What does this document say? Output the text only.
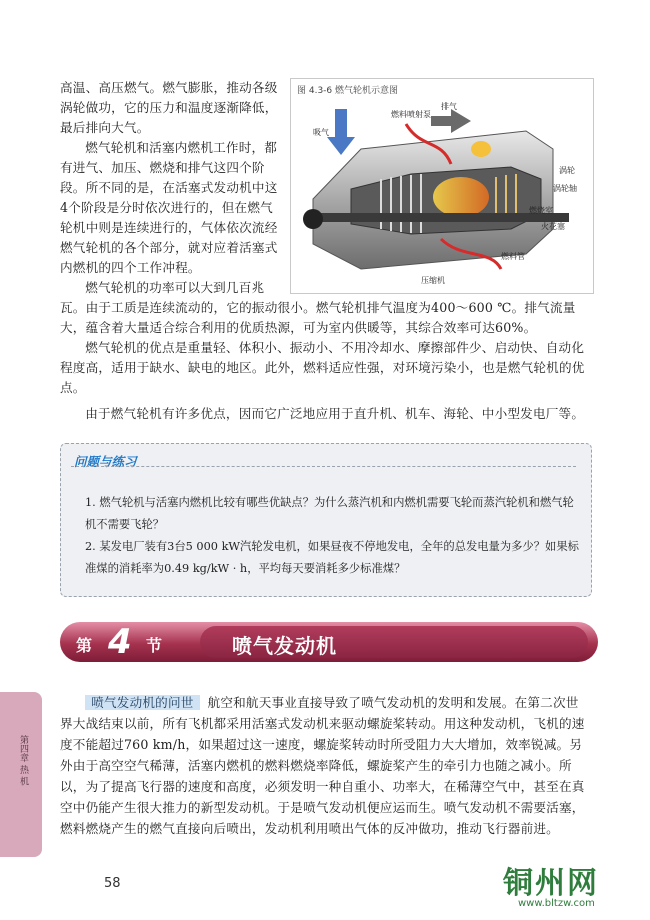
高温、高压燃气。燃气膨胀，推动各级涡轮做功，它的压力和温度逐渐降低，最后排向大气。

燃气轮机和活塞内燃机工作时，都有进气、加压、燃烧和排气这四个阶段。所不同的是，在活塞式发动机中这4个阶段是分时依次进行的，但在燃气轮机中则是连续进行的，气体依次流经燃气轮机的各个部分，就对应着活塞式内燃机的四个工作冲程。

燃气轮机的功率可以大到几百兆

吸气
燃料喷射泵
排气
涡轮
涡轮轴
燃烧室
火花塞
燃料管
压缩机
图 4.3-6 燃气轮机示意图

瓦。由于工质是连续流动的，它的振动很小。燃气轮机排气温度为400～600 ℃。排气流量大，蕴含着大量适合综合利用的优质热源，可为室内供暖等，其综合效率可达60%。

燃气轮机的优点是重量轻、体积小、振动小、不用冷却水、摩擦部件少、启动快、自动化程度高，适用于缺水、缺电的地区。此外，燃料适应性强，对环境污染小，也是燃气轮机的优点。

由于燃气轮机有许多优点，因而它广泛地应用于直升机、机车、海轮、中小型发电厂等。

问题与练习

1. 燃气轮机与活塞内燃机比较有哪些优缺点？为什么蒸汽机和内燃机需要飞轮而蒸汽轮机和燃气轮机不需要飞轮？

2. 某发电厂装有3台5 000 kW汽轮发电机，如果昼夜不停地发电，全年的总发电量为多少？如果标准煤的消耗率为0.49 kg/kW · h，平均每天要消耗多少标准煤？

第 4 节	喷气发动机
第四章 热 机

喷气发动机的问世 航空和航天事业直接导致了喷气发动机的发明和发展。在第二次世界大战结束以前，所有飞机都采用活塞式发动机来驱动螺旋桨转动。用这种发动机，飞机的速度不能超过760 km/h，如果超过这一速度，螺旋桨转动时所受阻力大大增加，效率锐减。另外由于高空空气稀薄，活塞内燃机的燃料燃烧率降低，螺旋桨产生的牵引力也随之减小。所以，为了提高飞行器的速度和高度，必须发明一种自重小、功率大，在稀薄空气中，甚至在真空中仍能产生很大推力的新型发动机。于是喷气发动机便应运而生。喷气发动机不需要活塞，燃料燃烧产生的燃气直接向后喷出，发动机利用喷出气体的反冲做功，推动飞行器前进。

58	铜州网
www.bltzw.com
